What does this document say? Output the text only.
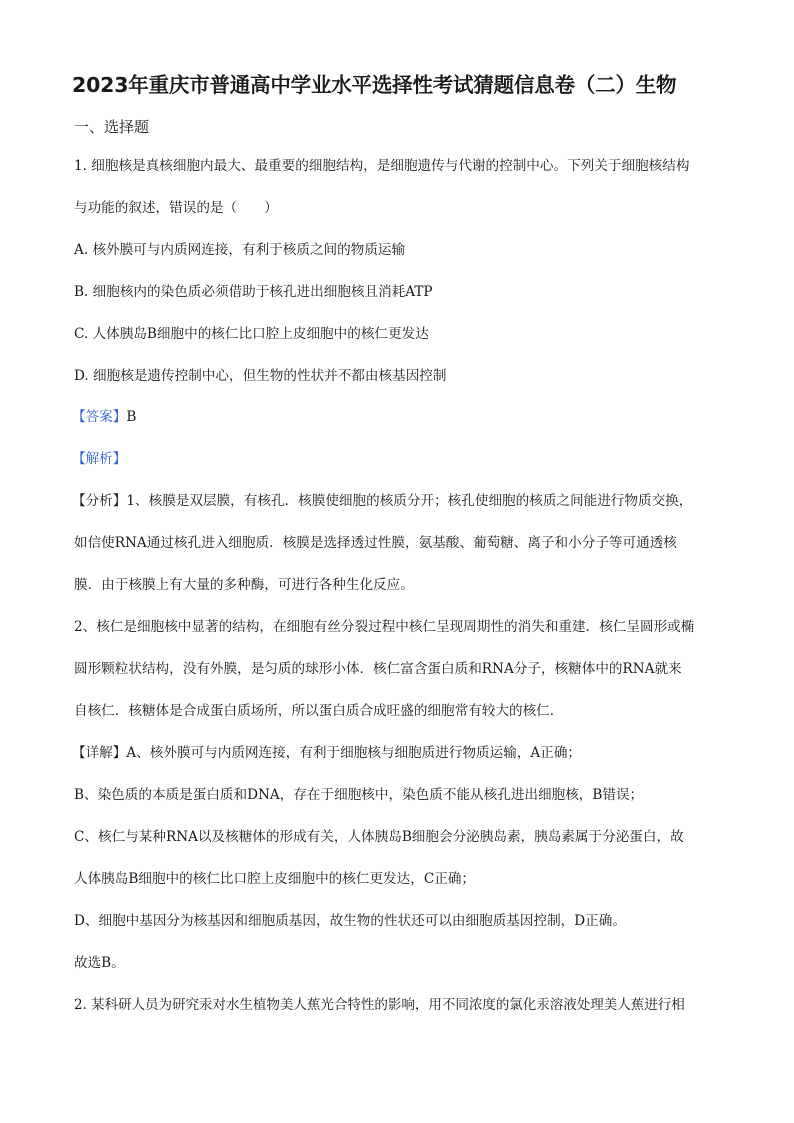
2023年重庆市普通高中学业水平选择性考试猜题信息卷（二）生物
一、选择题
1. 细胞核是真核细胞内最大、最重要的细胞结构，是细胞遗传与代谢的控制中心。下列关于细胞核结构
与功能的叙述，错误的是（　　）
A. 核外膜可与内质网连接，有利于核质之间的物质运输
B. 细胞核内的染色质必须借助于核孔进出细胞核且消耗ATP
C. 人体胰岛B细胞中的核仁比口腔上皮细胞中的核仁更发达
D. 细胞核是遗传控制中心，但生物的性状并不都由核基因控制
【答案】B
【解析】
【分析】1、核膜是双层膜，有核孔．核膜使细胞的核质分开；核孔使细胞的核质之间能进行物质交换，
如信使RNA通过核孔进入细胞质．核膜是选择透过性膜，氨基酸、葡萄糖、离子和小分子等可通透核
膜．由于核膜上有大量的多种酶，可进行各种生化反应。
2、核仁是细胞核中显著的结构，在细胞有丝分裂过程中核仁呈现周期性的消失和重建．核仁呈圆形或椭
圆形颗粒状结构，没有外膜，是匀质的球形小体．核仁富含蛋白质和RNA分子，核糖体中的RNA就来
自核仁．核糖体是合成蛋白质场所，所以蛋白质合成旺盛的细胞常有较大的核仁．
【详解】A、核外膜可与内质网连接，有利于细胞核与细胞质进行物质运输，A正确；
B、染色质的本质是蛋白质和DNA，存在于细胞核中，染色质不能从核孔进出细胞核，B错误；
C、核仁与某种RNA以及核糖体的形成有关，人体胰岛B细胞会分泌胰岛素，胰岛素属于分泌蛋白，故
人体胰岛B细胞中的核仁比口腔上皮细胞中的核仁更发达，C正确；
D、细胞中基因分为核基因和细胞质基因，故生物的性状还可以由细胞质基因控制，D正确。
故选B。
2. 某科研人员为研究汞对水生植物美人蕉光合特性的影响，用不同浓度的氯化汞溶液处理美人蕉进行相
